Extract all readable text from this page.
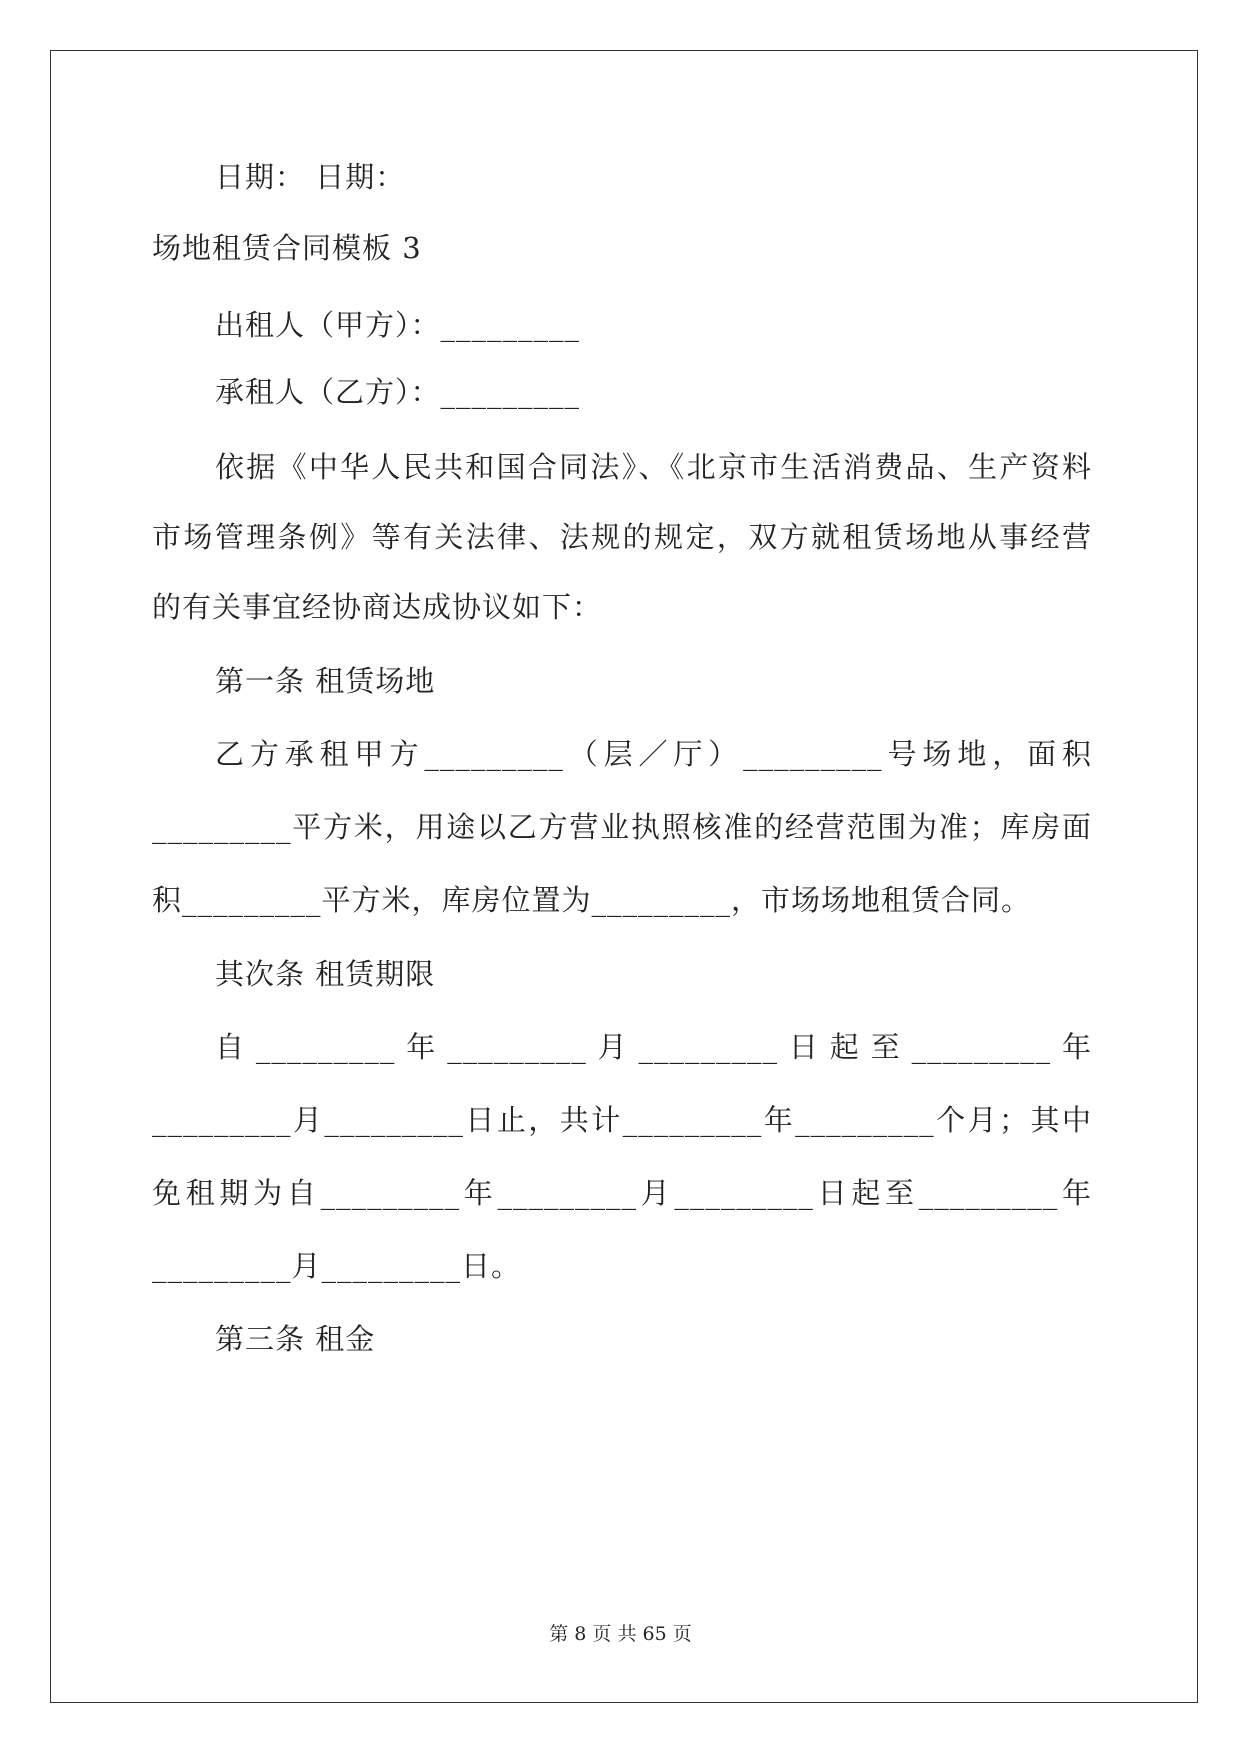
日期： 日期：
场地租赁合同模板 3
出租人（甲方）：_________
承租人（乙方）：_________
依据《中华人民共和国合同法》、《北京市生活消费品、生产资料
市场管理条例》等有关法律、法规的规定，双方就租赁场地从事经营
的有关事宜经协商达成协议如下：
第一条 租赁场地
乙方承租甲方_________（层／厅）_________号场地，面积
_________平方米，用途以乙方营业执照核准的经营范围为准；库房面
积_________平方米，库房位置为_________，市场场地租赁合同。
其次条 租赁期限
自_________年_________月_________日起至_________年
_________月_________日止，共计_________年_________个月；其中
免租期为自_________年_________月_________日起至_________年
_________月_________日。
第三条 租金
第 8 页 共 65 页
